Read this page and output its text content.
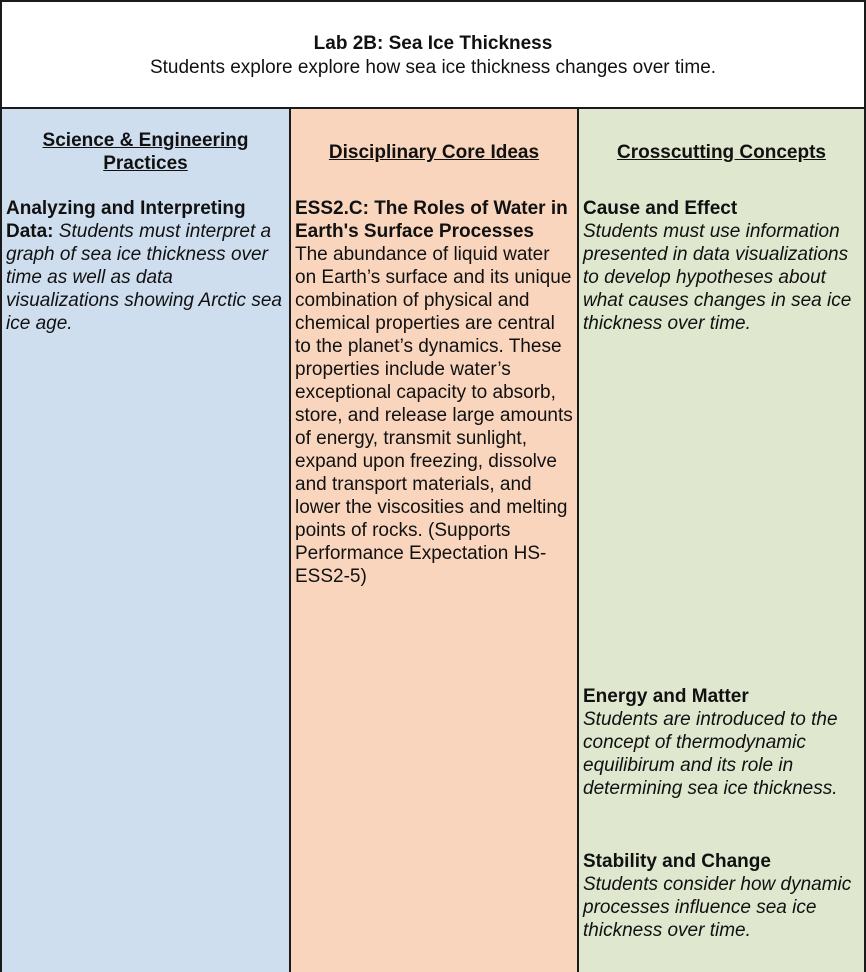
Lab 2B: Sea Ice Thickness
Students explore explore how sea ice thickness changes over time.
Science & Engineering Practices
Analyzing and Interpreting Data: Students must interpret a graph of sea ice thickness over time as well as data visualizations showing Arctic sea ice age.
Disciplinary Core Ideas
ESS2.C: The Roles of Water in Earth's Surface Processes
The abundance of liquid water on Earth’s surface and its unique combination of physical and chemical properties are central to the planet’s dynamics. These properties include water’s exceptional capacity to absorb, store, and release large amounts of energy, transmit sunlight, expand upon freezing, dissolve and transport materials, and lower the viscosities and melting points of rocks. (Supports Performance Expectation HS-ESS2-5)
Crosscutting Concepts
Cause and Effect
Students must use information presented in data visualizations to develop hypotheses about what causes changes in sea ice thickness over time.
Energy and Matter
Students are introduced to the concept of thermodynamic equilibirum and its role in determining sea ice thickness.
Stability and Change
Students consider how dynamic processes influence sea ice thickness over time.
